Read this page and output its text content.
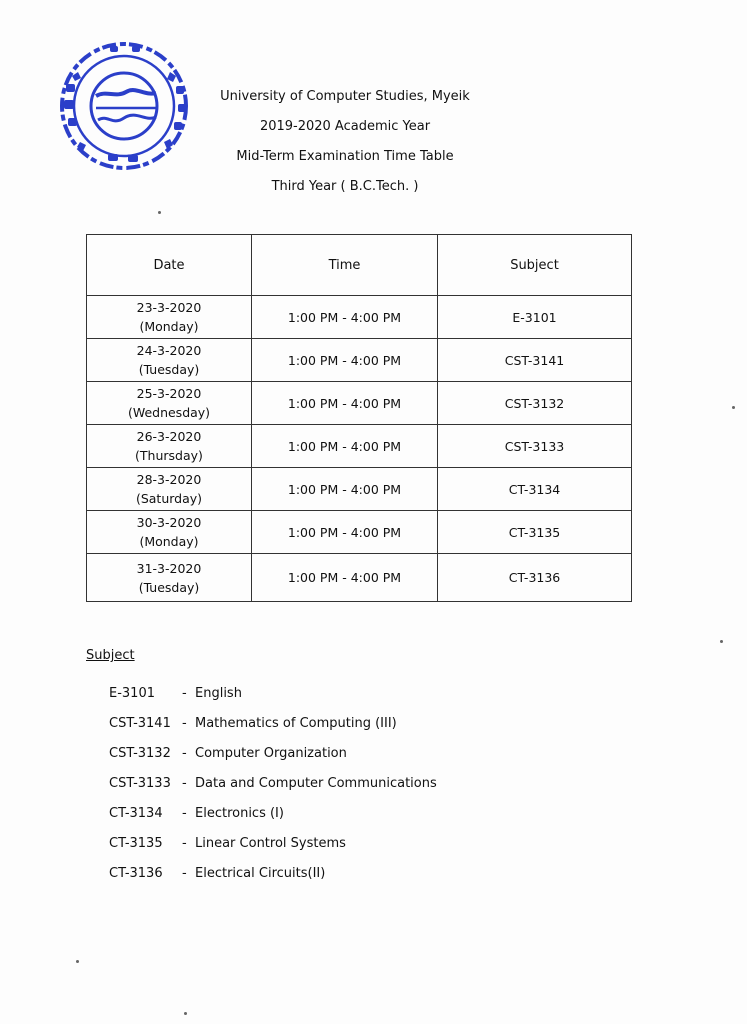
University of Computer Studies, Myeik
2019-2020 Academic Year
Mid-Term Examination Time Table
Third Year ( B.C.Tech. )
Date	Time	Subject

23-3-2020
(Monday)	1:00 PM - 4:00 PM	E-3101

24-3-2020
(Tuesday)	1:00 PM - 4:00 PM	CST-3141

25-3-2020
(Wednesday)	1:00 PM - 4:00 PM	CST-3132

26-3-2020
(Thursday)	1:00 PM - 4:00 PM	CST-3133

28-3-2020
(Saturday)	1:00 PM - 4:00 PM	CT-3134

30-3-2020
(Monday)	1:00 PM - 4:00 PM	CT-3135

31-3-2020
(Tuesday)	1:00 PM - 4:00 PM	CT-3136
Subject
E-3101	- English
CST-3141 - Mathematics of Computing (III)
CST-3132 - Computer Organization
CST-3133 - Data and Computer Communications
CT-3134	- Electronics (I)
CT-3135	- Linear Control Systems
CT-3136	- Electrical Circuits(II)
